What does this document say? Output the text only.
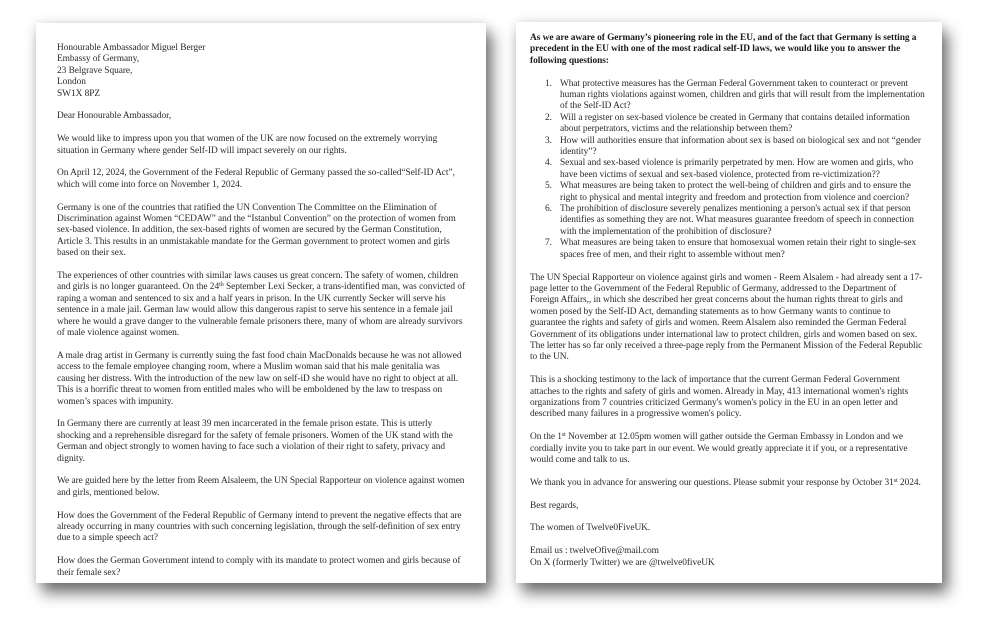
Honourable Ambassador Miguel Berger
Embassy of Germany,
23 Belgrave Square,
London
SW1X 8PZ

Dear Honourable Ambassador,

We would like to impress upon you that women of the UK are now focused on the extremely worrying situation in Germany where gender Self-ID will impact severely on our rights.

On April 12, 2024, the Government of the Federal Republic of Germany passed the so-called“Self-ID Act”, which will come into force on November 1, 2024.

Germany is one of the countries that ratified the UN Convention The Committee on the Elimination of Discrimination against Women “CEDAW” and the “Istanbul Convention” on the protection of women from sex-based violence. In addition, the sex-based rights of women are secured by the German Constitution, Article 3. This results in an unmistakable mandate for the German government to protect women and girls based on their sex.

The experiences of other countries with similar laws causes us great concern. The safety of women, children and girls is no longer guaranteed. On the 24th September Lexi Secker, a trans-identified man, was convicted of raping a woman and sentenced to six and a half years in prison. In the UK currently Secker will serve his sentence in a male jail. German law would allow this dangerous rapist to serve his sentence in a female jail where he would a grave danger to the vulnerable female prisoners there, many of whom are already survivors of male violence against women.

A male drag artist in Germany is currently suing the fast food chain MacDonalds because he was not allowed access to the female employee changing room, where a Muslim woman said that his male genitalia was causing her distress. With the introduction of the new law on self-iD she would have no right to object at all. This is a horrific threat to women from entitled males who will be emboldened by the law to trespass on women’s spaces with impunity.

In Germany there are currently at least 39 men incarcerated in the female prison estate. This is utterly shocking and a reprehensible disregard for the safety of female prisoners. Women of the UK stand with the German and object strongly to women having to face such a violation of their right to safety, privacy and dignity.

We are guided here by the letter from Reem Alsaleem, the UN Special Rapporteur on violence against women and girls, mentioned below.

How does the Government of the Federal Republic of Germany intend to prevent the negative effects that are already occurring in many countries with such concerning legislation, through the self-definition of sex entry due to a simple speech act?

How does the German Government intend to comply with its mandate to protect women and girls because of their female sex?

As we are aware of Germany’s pioneering role in the EU, and of the fact that Germany is setting a precedent in the EU with one of the most radical self-ID laws, we would like you to answer the following questions:

1. What protective measures has the German Federal Government taken to counteract or prevent human rights violations against women, children and girls that will result from the implementation of the Self-ID Act?
2. Will a register on sex-based violence be created in Germany that contains detailed information about perpetrators, victims and the relationship between them?
3. How will authorities ensure that information about sex is based on biological sex and not “gender identity”?
4. Sexual and sex-based violence is primarily perpetrated by men. How are women and girls, who have been victims of sexual and sex-based violence, protected from re-victimization??
5. What measures are being taken to protect the well-being of children and girls and to ensure the right to physical and mental integrity and freedom and protection from violence and coercion?
6. The prohibition of disclosure severely penalizes mentioning a person's actual sex if that person identifies as something they are not. What measures guarantee freedom of speech in connection with the implementation of the prohibition of disclosure?
7. What measures are being taken to ensure that homosexual women retain their right to single-sex spaces free of men, and their right to assemble without men?

The UN Special Rapporteur on violence against girls and women - Reem Alsalem - had already sent a 17-page letter to the Government of the Federal Republic of Germany, addressed to the Department of Foreign Affairs,, in which she described her great concerns about the human rights threat to girls and women posed by the Self-ID Act, demanding statements as to how Germany wants to continue to guarantee the rights and safety of girls and women. Reem Alsalem also reminded the German Federal Government of its obligations under international law to protect children, girls and women based on sex. The letter has so far only received a three-page reply from the Permanent Mission of the Federal Republic to the UN.

This is a shocking testimony to the lack of importance that the current German Federal Government attaches to the rights and safety of girls and women. Already in May, 413 international women's rights organizations from 7 countries criticized Germany's women's policy in the EU in an open letter and described many failures in a progressive women's policy.

On the 1st November at 12.05pm women will gather outside the German Embassy in London and we cordially invite you to take part in our event. We would greatly appreciate it if you, or a representative would come and talk to us.

We thank you in advance for answering our questions. Please submit your response by October 31st 2024.

Best regards,

The women of Twelve0FiveUK.

Email us : twelveOfive@mail.com
On X (formerly Twitter) we are @twelve0fiveUK
